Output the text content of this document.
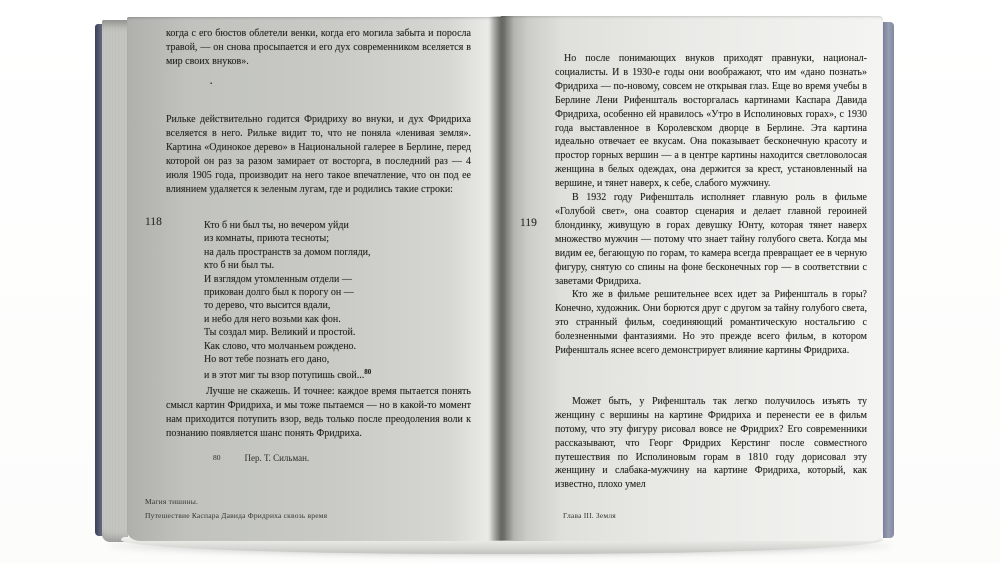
когда с его бюстов облетели венки, когда его могила забыта и поросла травой, — он снова просыпается и его дух современником вселяется в мир своих внуков».
▪
Рильке действительно годится Фридриху во внуки, и дух Фридриха вселяется в него. Рильке видит то, что не поняла «ленивая земля». Картина «Одинокое дерево» в Национальной галерее в Берлине, перед которой он раз за разом замирает от восторга, в последний раз — 4 июля 1905 года, производит на него такое впечатление, что он под ее влиянием удаляется к зеленым лугам, где и родились такие строки:
118	Кто б ни был ты, но вечером уйди
из комнаты, приюта тесноты;
на даль пространств за домом погляди,
кто б ни был ты.
И взглядом утомленным отдели —
прикован долго был к порогу он —
то дерево, что высится вдали,
и небо для него возьми как фон.
Ты создал мир. Великий и простой.
Как слово, что молчаньем рождено.
Но вот тебе познать его дано,
и в этот миг ты взор потупишь свой...$^{80}$
Лучше не скажешь. И точнее: каждое время пытается понять смысл картин Фридриха, и мы тоже пытаемся — но в какой-то момент нам приходится потупить взор, ведь только после преодоления воли к познанию появляется шанс понять Фридриха.
80	Пер. Т. Сильман.
Магия тишины.
Путешествие Каспара Давида Фридриха сквозь время
119
Но после понимающих внуков приходят правнуки, национал-социалисты. И в 1930-е годы они воображают, что им «дано познать» Фридриха — по-новому, совсем не открывая глаз. Еще во время учебы в Берлине Лени Рифеншталь восторгалась картинами Каспара Давида Фридриха, особенно ей нравилось «Утро в Исполиновых горах», с 1930 года выставленное в Королевском дворце в Берлине. Эта картина идеально отвечает ее вкусам. Она показывает бесконечную красоту и простор горных вершин — а в центре картины находится светловолосая женщина в белых одеждах, она держится за крест, установленный на вершине, и тянет наверх, к себе, слабого мужчину.
В 1932 году Рифеншталь исполняет главную роль в фильме «Голубой свет», она соавтор сценария и делает главной героиней блондинку, живущую в горах девушку Юнту, которая тянет наверх множество мужчин — потому что знает тайну голубого света. Когда мы видим ее, бегающую по горам, то камера всегда превращает ее в черную фигуру, снятую со спины на фоне бесконечных гор — в соответствии с заветами Фридриха.
Кто же в фильме решительнее всех идет за Рифеншталь в горы? Конечно, художник. Они борются друг с другом за тайну голубого света, это странный фильм, соединяющий романтическую ностальгию с болезненными фантазиями. Но это прежде всего фильм, в котором Рифеншталь яснее всего демонстрирует влияние картины Фридриха.
Может быть, у Рифеншталь так легко получилось изъять ту женщину с вершины на картине Фридриха и перенести ее в фильм потому, что эту фигуру рисовал вовсе не Фридрих? Его современники рассказывают, что Георг Фридрих Керстинг после совместного путешествия по Исполиновым горам в 1810 году дорисовал эту женщину и слабака-мужчину на картине Фридриха, который, как известно, плохо умел
Глава III. Земля
